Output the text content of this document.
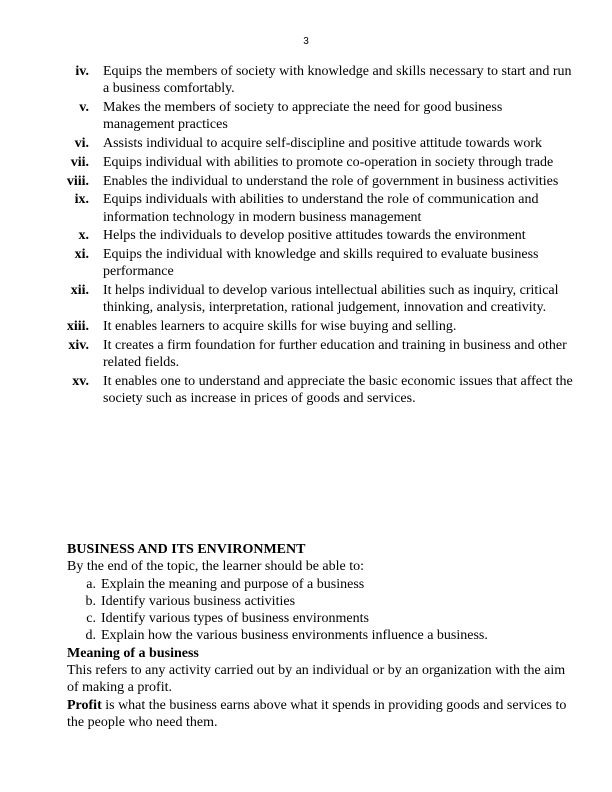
3
iv.	Equips the members of society with knowledge and skills necessary to start and run a business comfortably.
v.	Makes the members of society to appreciate the need for good business management practices
vi.	Assists individual to acquire self-discipline and positive attitude towards work
vii.	Equips individual with abilities to promote co-operation in society through trade
viii.	Enables the individual to understand the role of government in business activities
ix.	Equips individuals with abilities to understand the role of communication and information technology in modern business management
x.	Helps the individuals to develop positive attitudes towards the environment
xi.	Equips the individual with knowledge and skills required to evaluate business performance
xii.	It helps individual to develop various intellectual abilities such as inquiry, critical thinking, analysis, interpretation, rational judgement, innovation and creativity.
xiii.	It enables learners to acquire skills for wise buying and selling.
xiv.	It creates a firm foundation for further education and training in business and other related fields.
xv.	It enables one to understand and appreciate the basic economic issues that affect the society such as increase in prices of goods and services.

BUSINESS AND ITS ENVIRONMENT

By the end of the topic, the learner should be able to:

a. Explain the meaning and purpose of a business
b. Identify various business activities
c. Identify various types of business environments
d. Explain how the various business environments influence a business.

Meaning of a business

This refers to any activity carried out by an individual or by an organization with the aim of making a profit.

Profit is what the business earns above what it spends in providing goods and services to the people who need them.
